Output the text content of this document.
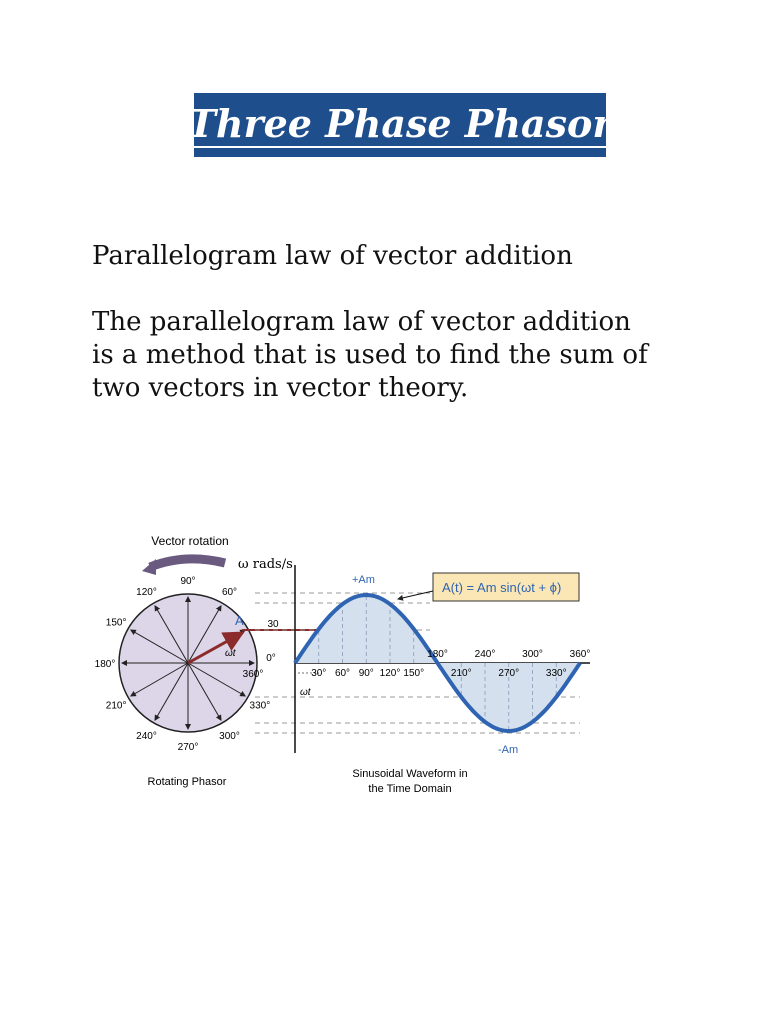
Three Phase Phasor
Parallelogram law of vector addition
The parallelogram law of vector addition
is a method that is used to find the sum of
two vectors in vector theory.
Vector rotation
ω rads/s
0°
30
60°
90°
120°
150°
180°
210°
240°
270°
300°
330°
360°
A
ωt
ωt
+Am
-Am
A(t) = Am sin(ωt + ϕ)
30° 60° 90° 120° 150°
180°	240°	300°	360°
210°	270°	330°
Rotating Phasor
Sinusoidal Waveform in
the Time Domain
